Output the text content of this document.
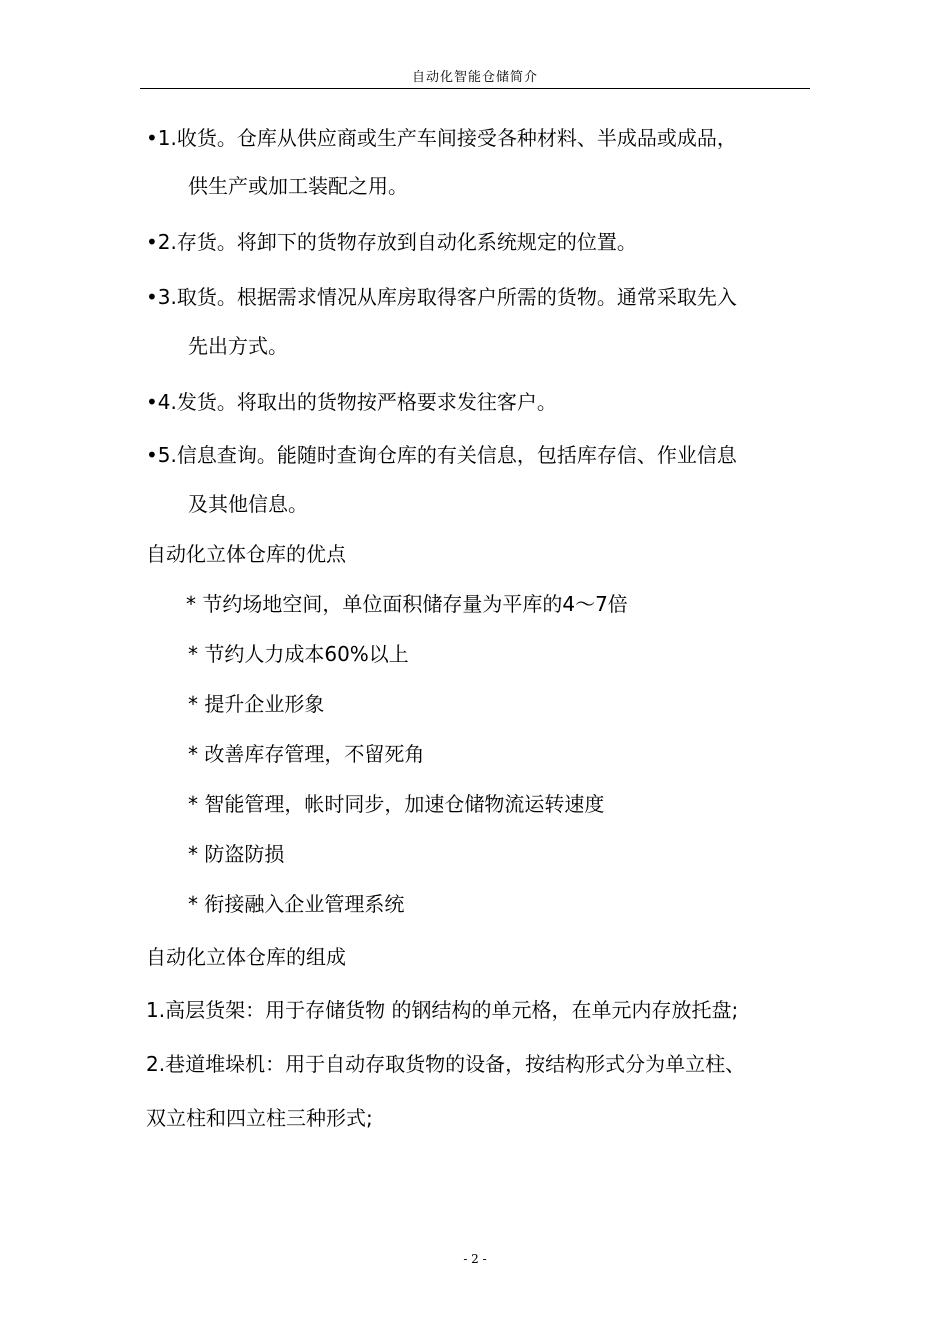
自动化智能仓储简介
•1.收货。仓库从供应商或生产车间接受各种材料、半成品或成品，
供生产或加工装配之用。
•2.存货。将卸下的货物存放到自动化系统规定的位置。
•3.取货。根据需求情况从库房取得客户所需的货物。通常采取先入
先出方式。
•4.发货。将取出的货物按严格要求发往客户。
•5.信息查询。能随时查询仓库的有关信息，包括库存信、作业信息
及其他信息。
自动化立体仓库的优点
* 节约场地空间，单位面积储存量为平库的4～7倍
* 节约人力成本60%以上
* 提升企业形象
* 改善库存管理，不留死角
* 智能管理，帐时同步，加速仓储物流运转速度
* 防盗防损
* 衔接融入企业管理系统
自动化立体仓库的组成
1.高层货架：用于存储货物 的钢结构的单元格，在单元内存放托盘;
2.巷道堆垛机：用于自动存取货物的设备，按结构形式分为单立柱、
双立柱和四立柱三种形式;
- 2 -
